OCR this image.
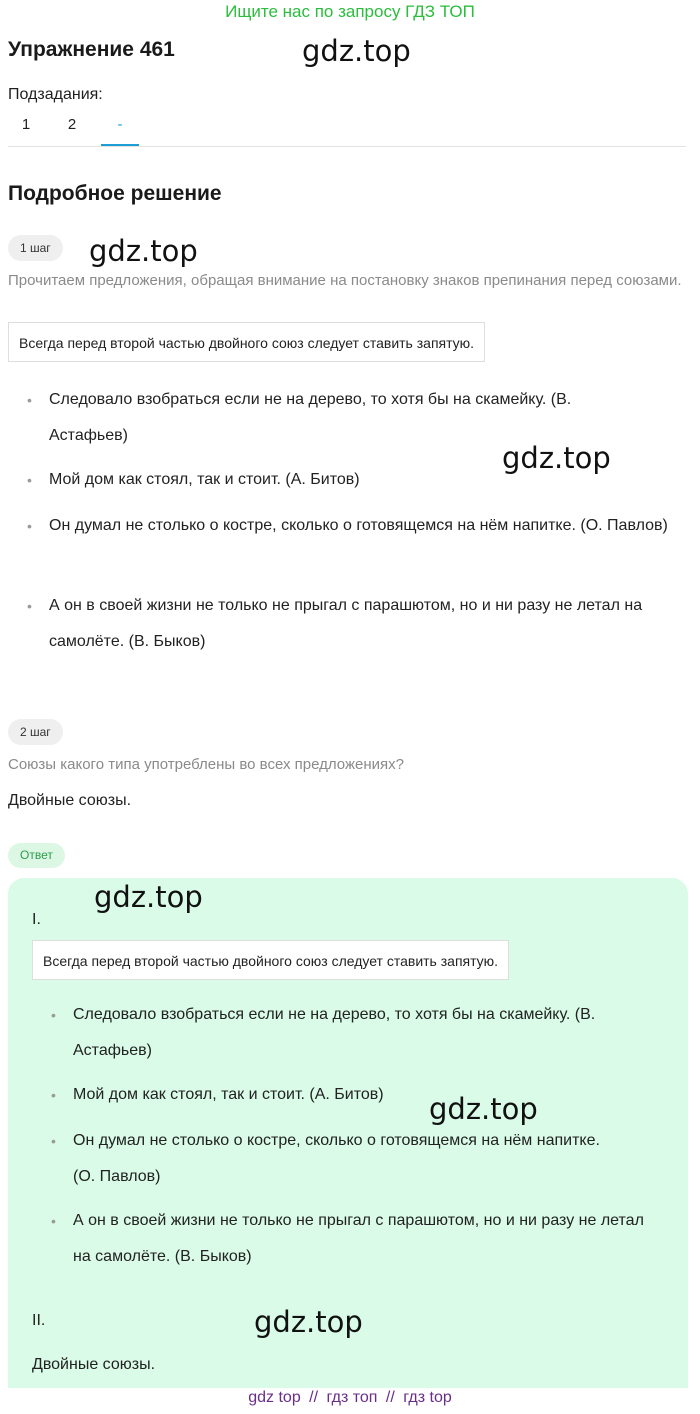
Ищите нас по запросу ГДЗ ТОП
Упражнение 461	gdz.top
Подзадания:
1	2	-
Подробное решение
1 шаг	gdz.top

Прочитаем предложения, обращая внимание на постановку знаков препинания перед союзами.

Всегда перед второй частью двойного союз следует ставить запятую.
• Следовало взобраться если не на дерево, то хотя бы на скамейку. (В. Астафьев)
• Мой дом как стоял, так и стоит. (А. Битов)
• Он думал не столько о костре, сколько о готовящемся на нём напитке. (О. Павлов)
• А он в своей жизни не только не прыгал с парашютом, но и ни разу не летал на самолёте. (В. Быков)
gdz.top
2 шаг

Союзы какого типа употреблены во всех предложениях?

Двойные союзы.
Ответ
gdz.top
I.
Всегда перед второй частью двойного союз следует ставить запятую.
• Следовало взобраться если не на дерево, то хотя бы на скамейку. (В. Астафьев)
• Мой дом как стоял, так и стоит. (А. Битов)
• Он думал не столько о костре, сколько о готовящемся на нём напитке. (О. Павлов)
• А он в своей жизни не только не прыгал с парашютом, но и ни разу не летал на самолёте. (В. Быков)
gdz.top
II.	gdz.top
Двойные союзы.
gdz top // гдз топ // гдз top
